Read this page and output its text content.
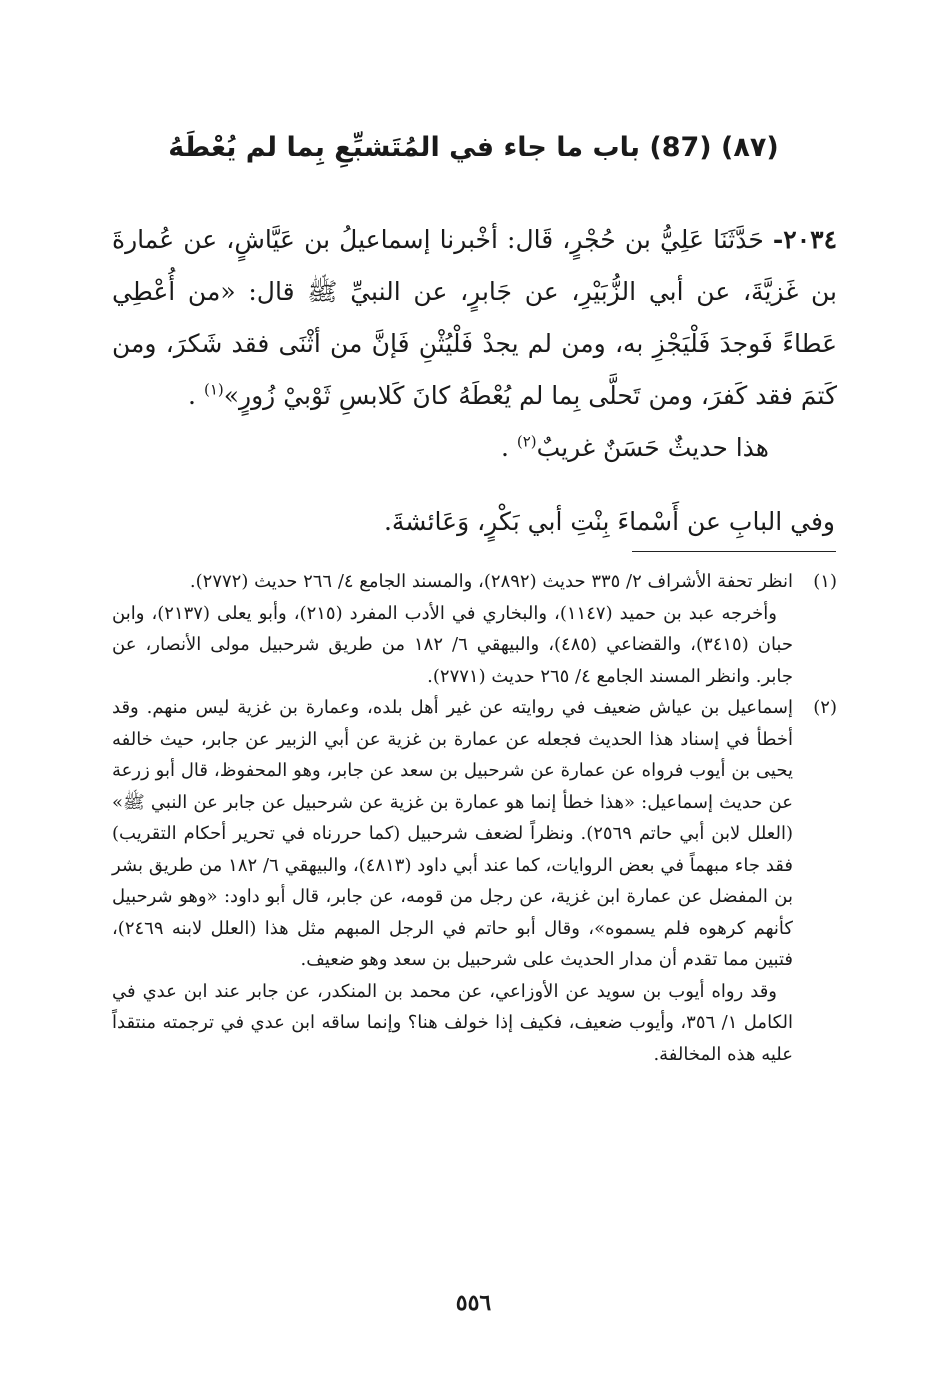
(٨٧) (87) باب ما جاء في المُتَشبِّعِ بِما لم يُعْطَهُ

٢٠٣٤- حَدَّثَنَا عَلِيُّ بن حُجْرٍ، قَال: أخْبرنا إسماعيلُ بن عَيَّاشٍ، عن عُمارةَ بن غَزيَّةَ، عن أبي الزُّبَيْرِ، عن جَابرٍ، عن النبيِّ ﷺ قال: «من أُعْطِي عَطاءً فَوجدَ فَلْيَجْزِ به، ومن لم يجدْ فَلْيُثْنِ فَإنَّ من أثْنَى فقد شَكرَ، ومن كَتمَ فقد كَفرَ، ومن تَحلَّى بِما لم يُعْطَهُ كانَ كَلابسِ ثَوْبيْ زُورٍ»$^{(١)}$ .

هذا حديثٌ حَسَنٌ غريبٌ$^{(٢)}$ .

وفي البابِ عن أَسْماءَ بِنْتِ أبي بَكْرٍ، وَعَائشةَ.

(١)
انظر تحفة الأشراف ٢/ ٣٣٥ حديث (٢٨٩٢)، والمسند الجامع ٤/ ٢٦٦ حديث (٢٧٧٢).

وأخرجه عبد بن حميد (١١٤٧)، والبخاري في الأدب المفرد (٢١٥)، وأبو يعلى (٢١٣٧)، وابن حبان (٣٤١٥)، والقضاعي (٤٨٥)، والبيهقي ٦/ ١٨٢ من طريق شرحبيل مولى الأنصار، عن جابر. وانظر المسند الجامع ٤/ ٢٦٥ حديث (٢٧٧١).

(٢)
إسماعيل بن عياش ضعيف في روايته عن غير أهل بلده، وعمارة بن غزية ليس منهم. وقد أخطأ في إسناد هذا الحديث فجعله عن عمارة بن غزية عن أبي الزبير عن جابر، حيث خالفه يحيى بن أيوب فرواه عن عمارة عن شرحبيل بن سعد عن جابر، وهو المحفوظ، قال أبو زرعة عن حديث إسماعيل: «هذا خطأ إنما هو عمارة بن غزية عن شرحبيل عن جابر عن النبي ﷺ» (العلل لابن أبي حاتم ٢٥٦٩). ونظراً لضعف شرحبيل (كما حررناه في تحرير أحكام التقريب) فقد جاء مبهماً في بعض الروايات، كما عند أبي داود (٤٨١٣)، والبيهقي ٦/ ١٨٢ من طريق بشر بن المفضل عن عمارة ابن غزية، عن رجل من قومه، عن جابر، قال أبو داود: «وهو شرحبيل كأنهم كرهوه فلم يسموه»، وقال أبو حاتم في الرجل المبهم مثل هذا (العلل لابنه ٢٤٦٩)، فتبين مما تقدم أن مدار الحديث على شرحبيل بن سعد وهو ضعيف.

وقد رواه أيوب بن سويد عن الأوزاعي، عن محمد بن المنكدر، عن جابر عند ابن عدي في الكامل ١/ ٣٥٦، وأيوب ضعيف، فكيف إذا خولف هنا؟ وإنما ساقه ابن عدي في ترجمته منتقداً عليه هذه المخالفة.

٥٥٦
